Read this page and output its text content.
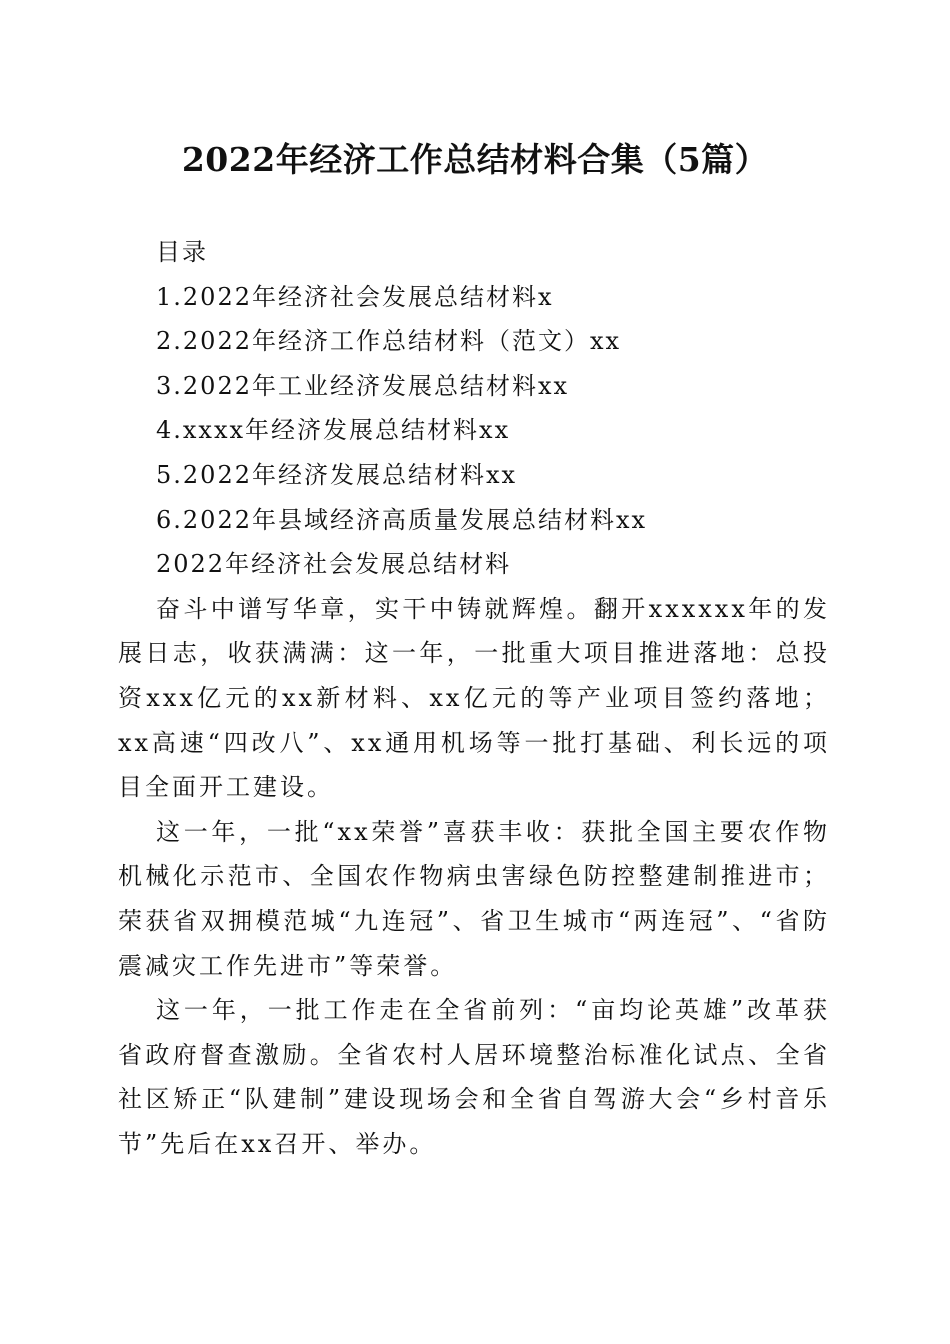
2022年经济工作总结材料合集（5篇）
目录
1.2022年经济社会发展总结材料x
2.2022年经济工作总结材料（范文）xx
3.2022年工业经济发展总结材料xx
4.xxxx年经济发展总结材料xx
5.2022年经济发展总结材料xx
6.2022年县域经济高质量发展总结材料xx
2022年经济社会发展总结材料

奋斗中谱写华章，实干中铸就辉煌。翻开xxxxxx年的发展日志，收获满满：这一年，一批重大项目推进落地：总投资xxx亿元的xx新材料、xx亿元的等产业项目签约落地；xx高速“四改八”、xx通用机场等一批打基础、利长远的项目全面开工建设。

这一年，一批“xx荣誉”喜获丰收：获批全国主要农作物机械化示范市、全国农作物病虫害绿色防控整建制推进市；荣获省双拥模范城“九连冠”、省卫生城市“两连冠”、“省防震减灾工作先进市”等荣誉。

这一年，一批工作走在全省前列：“亩均论英雄”改革获省政府督查激励。全省农村人居环境整治标准化试点、全省社区矫正“队建制”建设现场会和全省自驾游大会“乡村音乐节”先后在xx召开、举办。
